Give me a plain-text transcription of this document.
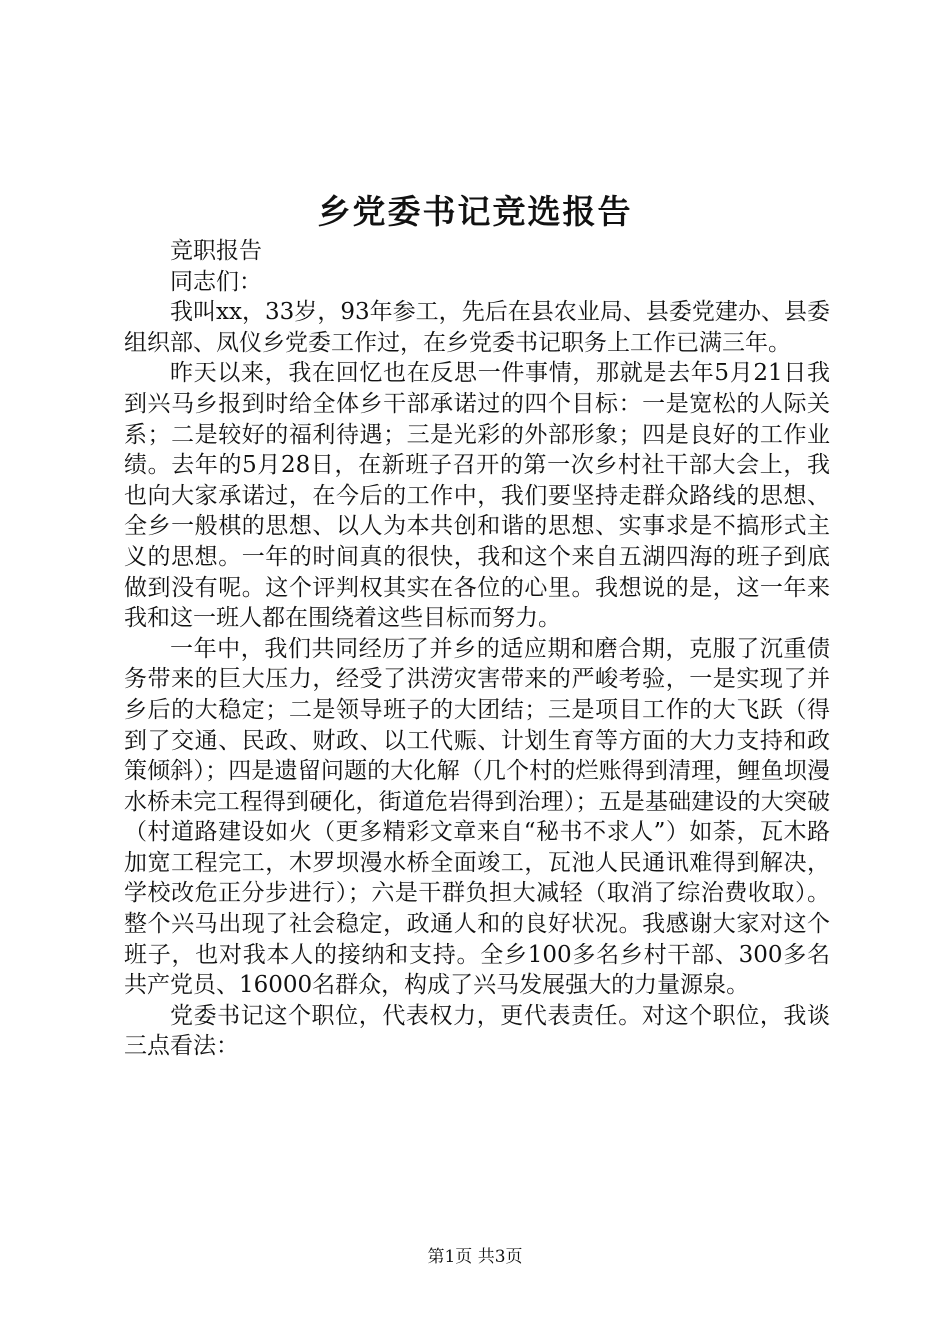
乡党委书记竞选报告

竞职报告

同志们：

我叫xx，33岁，93年参工，先后在县农业局、县委党建办、县委组织部、凤仪乡党委工作过，在乡党委书记职务上工作已满三年。

昨天以来，我在回忆也在反思一件事情，那就是去年5月21日我到兴马乡报到时给全体乡干部承诺过的四个目标：一是宽松的人际关系；二是较好的福利待遇；三是光彩的外部形象；四是良好的工作业绩。去年的5月28日，在新班子召开的第一次乡村社干部大会上，我也向大家承诺过，在今后的工作中，我们要坚持走群众路线的思想、全乡一般棋的思想、以人为本共创和谐的思想、实事求是不搞形式主义的思想。一年的时间真的很快，我和这个来自五湖四海的班子到底做到没有呢。这个评判权其实在各位的心里。我想说的是，这一年来我和这一班人都在围绕着这些目标而努力。

一年中，我们共同经历了并乡的适应期和磨合期，克服了沉重债务带来的巨大压力，经受了洪涝灾害带来的严峻考验，一是实现了并乡后的大稳定；二是领导班子的大团结；三是项目工作的大飞跃（得到了交通、民政、财政、以工代赈、计划生育等方面的大力支持和政策倾斜）；四是遗留问题的大化解（几个村的烂账得到清理，鲤鱼坝漫水桥未完工程得到硬化，街道危岩得到治理）；五是基础建设的大突破（村道路建设如火（更多精彩文章来自“秘书不求人”）如荼，瓦木路加宽工程完工，木罗坝漫水桥全面竣工，瓦池人民通讯难得到解决，学校改危正分步进行）；六是干群负担大减轻（取消了综治费收取）。整个兴马出现了社会稳定，政通人和的良好状况。我感谢大家对这个班子，也对我本人的接纳和支持。全乡100多名乡村干部、300多名共产党员、16000名群众，构成了兴马发展强大的力量源泉。

党委书记这个职位，代表权力，更代表责任。对这个职位，我谈三点看法：

第1页 共3页
